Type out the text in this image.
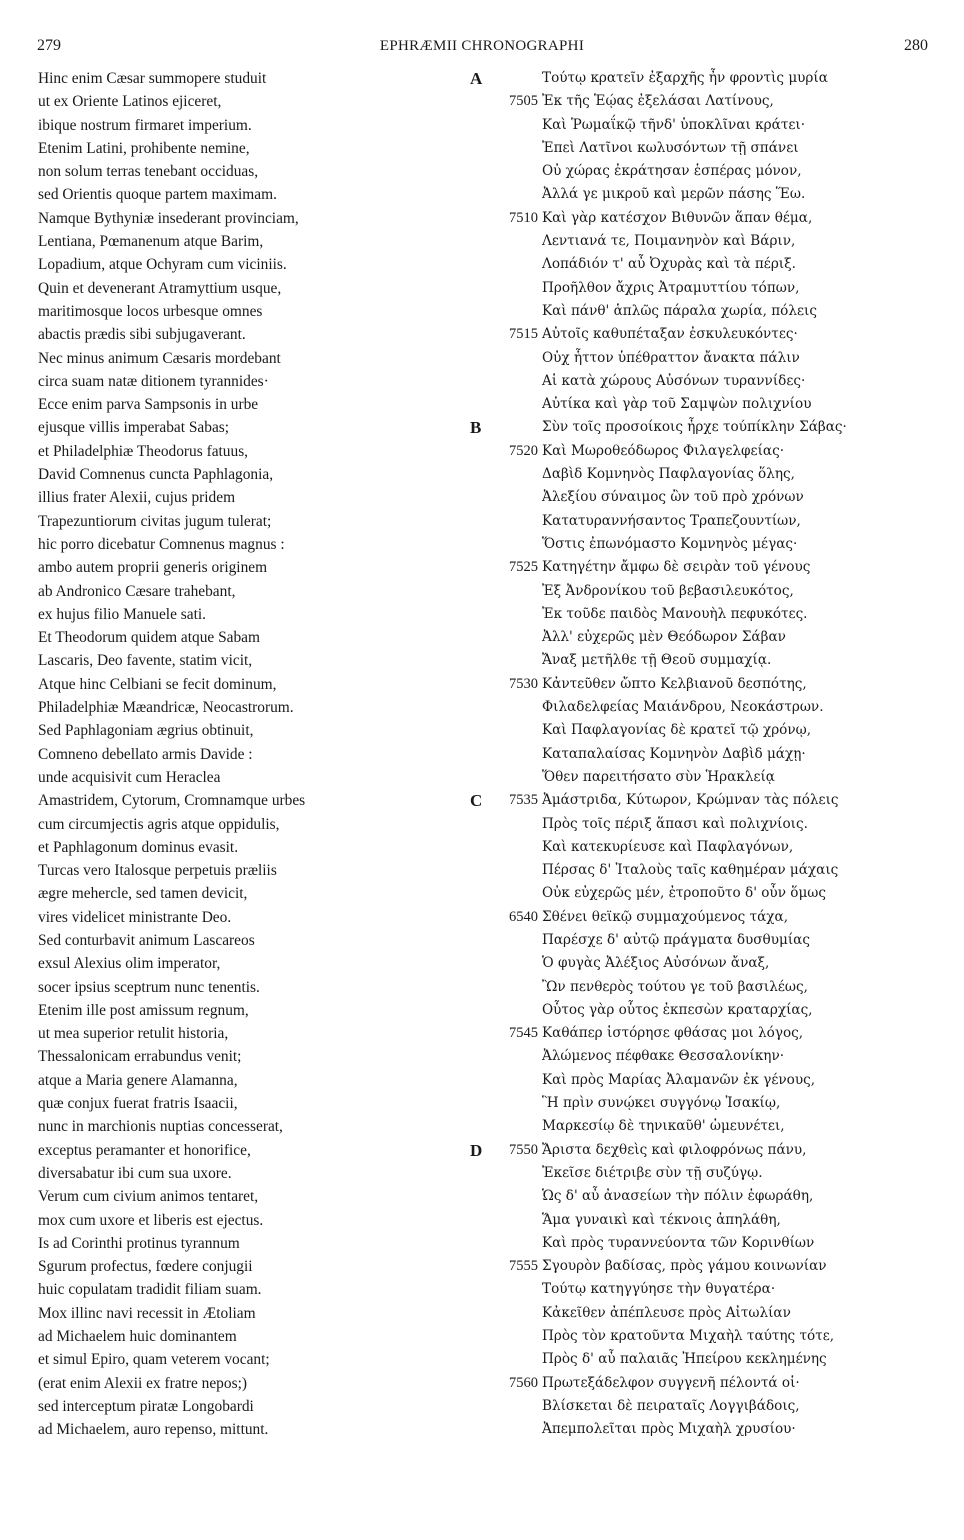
279	EPHRÆMII CHRONOGRAPHI	280
Hinc enim Cæsar summopere studuit
ut ex Oriente Latinos ejiceret,
ibique nostrum firmaret imperium.
Etenim Latini, prohibente nemine,
non solum terras tenebant occiduas,
sed Orientis quoque partem maximam.
Namque Bythyniæ insederant provinciam,
Lentiana, Pœmanenum atque Barim,
Lopadium, atque Ochyram cum viciniis.
Quin et devenerant Atramyttium usque,
maritimosque locos urbesque omnes
abactis prædis sibi subjugaverant.
Nec minus animum Cæsaris mordebant
circa suam natæ ditionem tyrannides·
Ecce enim parva Sampsonis in urbe
ejusque villis imperabat Sabas;
et Philadelphiæ Theodorus fatuus,
David Comnenus cuncta Paphlagonia,
illius frater Alexii, cujus pridem
Trapezuntiorum civitas jugum tulerat;
hic porro dicebatur Comnenus magnus :
ambo autem proprii generis originem
ab Andronico Cæsare trahebant,
ex hujus filio Manuele sati.
Et Theodorum quidem atque Sabam
Lascaris, Deo favente, statim vicit,
Atque hinc Celbiani se fecit dominum,
Philadelphiæ Mæandricæ, Neocastrorum.
Sed Paphlagoniam ægrius obtinuit,
Comneno debellato armis Davide :
unde acquisivit cum Heraclea
Amastridem, Cytorum, Cromnamque urbes
cum circumjectis agris atque oppidulis,
et Paphlagonum dominus evasit.
Turcas vero Italosque perpetuis præliis
ægre mehercle, sed tamen devicit,
vires videlicet ministrante Deo.
Sed conturbavit animum Lascareos
exsul Alexius olim imperator,
socer ipsius sceptrum nunc tenentis.
Etenim ille post amissum regnum,
ut mea superior retulit historia,
Thessalonicam errabundus venit;
atque a Maria genere Alamanna,
quæ conjux fuerat fratris Isaacii,
nunc in marchionis nuptias concesserat,
exceptus peramanter et honorifice,
diversabatur ibi cum sua uxore.
Verum cum civium animos tentaret,
mox cum uxore et liberis est ejectus.
Is ad Corinthi protinus tyrannum
Sgurum profectus, fœdere conjugii
huic copulatam tradidit filiam suam.
Mox illinc navi recessit in Ætoliam
ad Michaelem huic dominantem
et simul Epiro, quam veterem vocant;
(erat enim Alexii ex fratre nepos;)
sed interceptum piratæ Longobardi
ad Michaelem, auro repenso, mittunt.
A	Τούτῳ κρατεῖν ἐξαρχῆς ἦν φροντὶς μυρία
7505 Ἐκ τῆς Ἑῴας ἐξελάσαι Λατίνους,
Καὶ Ῥωμαΐκῷ τῆνδ' ὑποκλῖναι κράτει·
Ἐπεὶ Λατῖνοι κωλυσόντων τῇ σπάνει
Οὐ χώρας ἐκράτησαν ἑσπέρας μόνον,
Ἀλλά γε μικροῦ καὶ μερῶν πάσης Ἕω.
7510 Καὶ γὰρ κατέσχον Βιθυνῶν ἅπαν θέμα,
Λεντιανά τε, Ποιμανηνὸν καὶ Βάριν,
Λοπάδιόν τ' αὖ Ὀχυρὰς καὶ τὰ πέριξ.
Προῆλθον ἄχρις Ἀτραμυττίου τόπων,
Καὶ πάνθ' ἁπλῶς πάραλα χωρία, πόλεις
7515 Αὐτοῖς καθυπέταξαν ἐσκυλευκόντες·
Οὐχ ἧττον ὑπέθραττον ἄνακτα πάλιν
Αἱ κατὰ χώρους Αὐσόνων τυραννίδες·
Αὐτίκα καὶ γὰρ τοῦ Σαμψὼν πολιχνίου
B	Σὺν τοῖς προσοίκοις ἦρχε τούπίκλην Σάβας·
7520 Καὶ Μωροθεόδωρος Φιλαγελφείας·
Δαβὶδ Κομνηνὸς Παφλαγονίας ὅλης,
Ἀλεξίου σύναιμος ὢν τοῦ πρὸ χρόνων
Κατατυραννήσαντος Τραπεζουντίων,
Ὅστις ἐπωνόμαστο Κομνηνὸς μέγας·
7525 Κατηγέτην ἄμφω δὲ σειρὰν τοῦ γένους
Ἐξ Ἀνδρονίκου τοῦ βεβασιλευκότος,
Ἐκ τοῦδε παιδὸς Μανουὴλ πεφυκότες.
Ἀλλ' εὐχερῶς μὲν Θεόδωρον Σάβαν
Ἄναξ μετῆλθε τῇ Θεοῦ συμμαχίᾳ.
7530 Κἀντεῦθεν ὤπτο Κελβιανοῦ δεσπότης,
Φιλαδελφείας Μαιάνδρου, Νεοκάστρων.
Καὶ Παφλαγονίας δὲ κρατεῖ τῷ χρόνῳ,
Καταπαλαίσας Κομνηνὸν Δαβὶδ μάχῃ·
Ὅθεν παρειτήσατο σὺν Ἡρακλείᾳ
C	7535 Ἀμάστριδα, Κύτωρον, Κρώμναν τὰς πόλεις
Πρὸς τοῖς πέριξ ἅπασι καὶ πολιχνίοις.
Καὶ κατεκυρίευσε καὶ Παφλαγόνων,
Πέρσας δ' Ἰταλοὺς ταῖς καθημέραν μάχαις
Οὐκ εὐχερῶς μέν, ἐτροποῦτο δ' οὖν ὅμως
6540 Σθένει θεϊκῷ συμμαχούμενος τάχα,
Παρέσχε δ' αὐτῷ πράγματα δυσθυμίας
Ὁ φυγὰς Ἀλέξιος Αὐσόνων ἄναξ,
Ὢν πενθερὸς τούτου γε τοῦ βασιλέως,
Οὗτος γὰρ οὗτος ἐκπεσὼν κραταρχίας,
7545 Καθάπερ ἱστόρησε φθάσας μοι λόγος,
Ἀλώμενος πέφθακε Θεσσαλονίκην·
Καὶ πρὸς Μαρίας Ἀλαμανῶν ἐκ γένους,
Ἣ πρὶν συνῴκει συγγόνῳ Ἰσακίῳ,
Μαρκεσίῳ δὲ τηνικαῦθ' ὡμευνέτει,
D	7550 Ἄριστα δεχθεὶς καὶ φιλοφρόνως πάνυ,
Ἐκεῖσε διέτριβε σὺν τῇ συζύγῳ.
Ὡς δ' αὖ ἀνασείων τὴν πόλιν ἐφωράθη,
Ἅμα γυναικὶ καὶ τέκνοις ἀπηλάθη,
Καὶ πρὸς τυραννεύοντα τῶν Κορινθίων
7555 Σγουρὸν βαδίσας, πρὸς γάμου κοινωνίαν
Τούτῳ κατηγγύησε τὴν θυγατέρα·
Κἀκεῖθεν ἀπέπλευσε πρὸς Αἰτωλίαν
Πρὸς τὸν κρατοῦντα Μιχαὴλ ταύτης τότε,
Πρὸς δ' αὖ παλαιᾶς Ἠπείρου κεκλημένης
7560 Πρωτεξάδελφον συγγενῆ πέλοντά οἱ·
Βλίσκεται δὲ πειραταῖς Λογγιβάδοις,
Ἀπεμπολεῖται πρὸς Μιχαὴλ χρυσίου·
